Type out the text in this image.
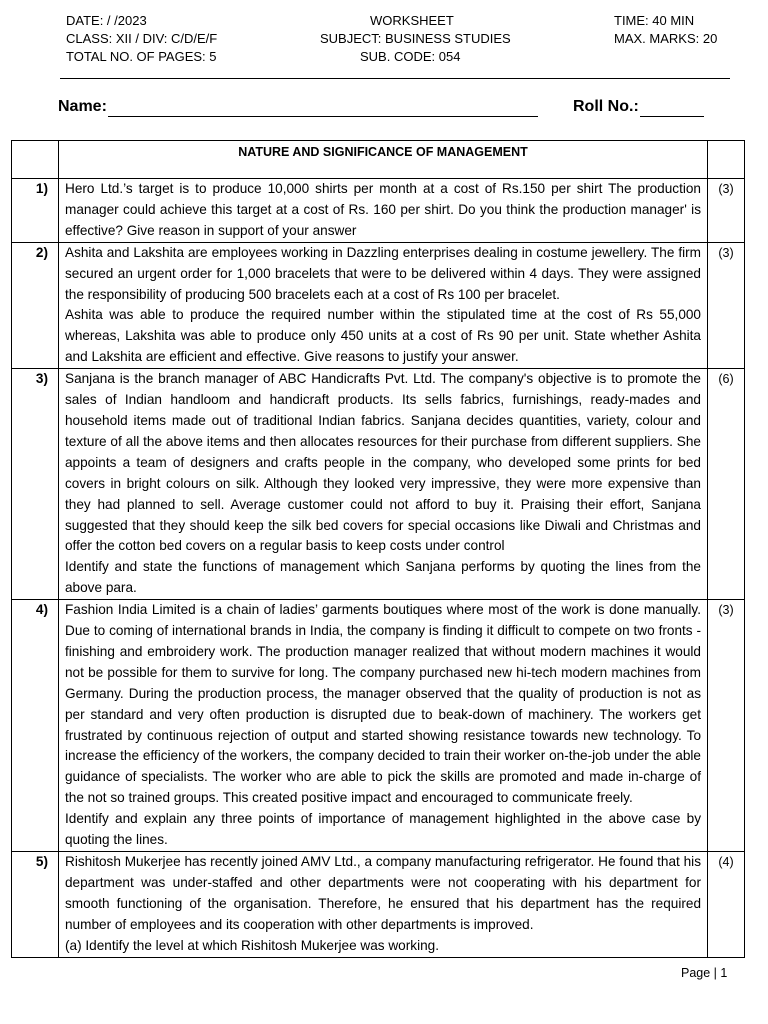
DATE: / /2023
CLASS: XII / DIV: C/D/E/F
TOTAL NO. OF PAGES: 5
WORKSHEET
SUBJECT: BUSINESS STUDIES
SUB. CODE: 054
TIME: 40 MIN
MAX. MARKS: 20
Name:	Roll No.:
	NATURE AND SIGNIFICANCE OF MANAGEMENT	
1)	Hero Ltd.’s target is to produce 10,000 shirts per month at a cost of Rs.150 per shirt The production manager could achieve this target at a cost of Rs. 160 per shirt. Do you think the production manager' is effective? Give reason in support of your answer	(3)
2)	Ashita and Lakshita are employees working in Dazzling enterprises dealing in costume jewellery. The firm secured an urgent order for 1,000 bracelets that were to be delivered within 4 days. They were assigned the responsibility of producing 500 bracelets each at a cost of Rs 100 per bracelet.

Ashita was able to produce the required number within the stipulated time at the cost of Rs 55,000 whereas, Lakshita was able to produce only 450 units at a cost of Rs 90 per unit. State whether Ashita and Lakshita are efficient and effective. Give reasons to justify your answer.	(3)
3)	Sanjana is the branch manager of ABC Handicrafts Pvt. Ltd. The company's objective is to promote the sales of Indian handloom and handicraft products. Its sells fabrics, furnishings, ready-mades and household items made out of traditional Indian fabrics. Sanjana decides quantities, variety, colour and texture of all the above items and then allocates resources for their purchase from different suppliers. She appoints a team of designers and crafts people in the company, who developed some prints for bed covers in bright colours on silk. Although they looked very impressive, they were more expensive than they had planned to sell. Average customer could not afford to buy it. Praising their effort, Sanjana suggested that they should keep the silk bed covers for special occasions like Diwali and Christmas and offer the cotton bed covers on a regular basis to keep costs under control

Identify and state the functions of management which Sanjana performs by quoting the lines from the above para.	(6)
4)	Fashion India Limited is a chain of ladies’ garments boutiques where most of the work is done manually. Due to coming of international brands in India, the company is finding it difficult to compete on two fronts - finishing and embroidery work. The production manager realized that without modern machines it would not be possible for them to survive for long. The company purchased new hi-tech modern machines from Germany. During the production process, the manager observed that the quality of production is not as per standard and very often production is disrupted due to beak-down of machinery. The workers get frustrated by continuous rejection of output and started showing resistance towards new technology. To increase the efficiency of the workers, the company decided to train their worker on-the-job under the able guidance of specialists. The worker who are able to pick the skills are promoted and made in-charge of the not so trained groups. This created positive impact and encouraged to communicate freely.

Identify and explain any three points of importance of management highlighted in the above case by quoting the lines.	(3)
5)	Rishitosh Mukerjee has recently joined AMV Ltd., a company manufacturing refrigerator. He found that his department was under-staffed and other departments were not cooperating with his department for smooth functioning of the organisation. Therefore, he ensured that his department has the required number of employees and its cooperation with other departments is improved.

(a) Identify the level at which Rishitosh Mukerjee was working.	(4)
Page | 1
